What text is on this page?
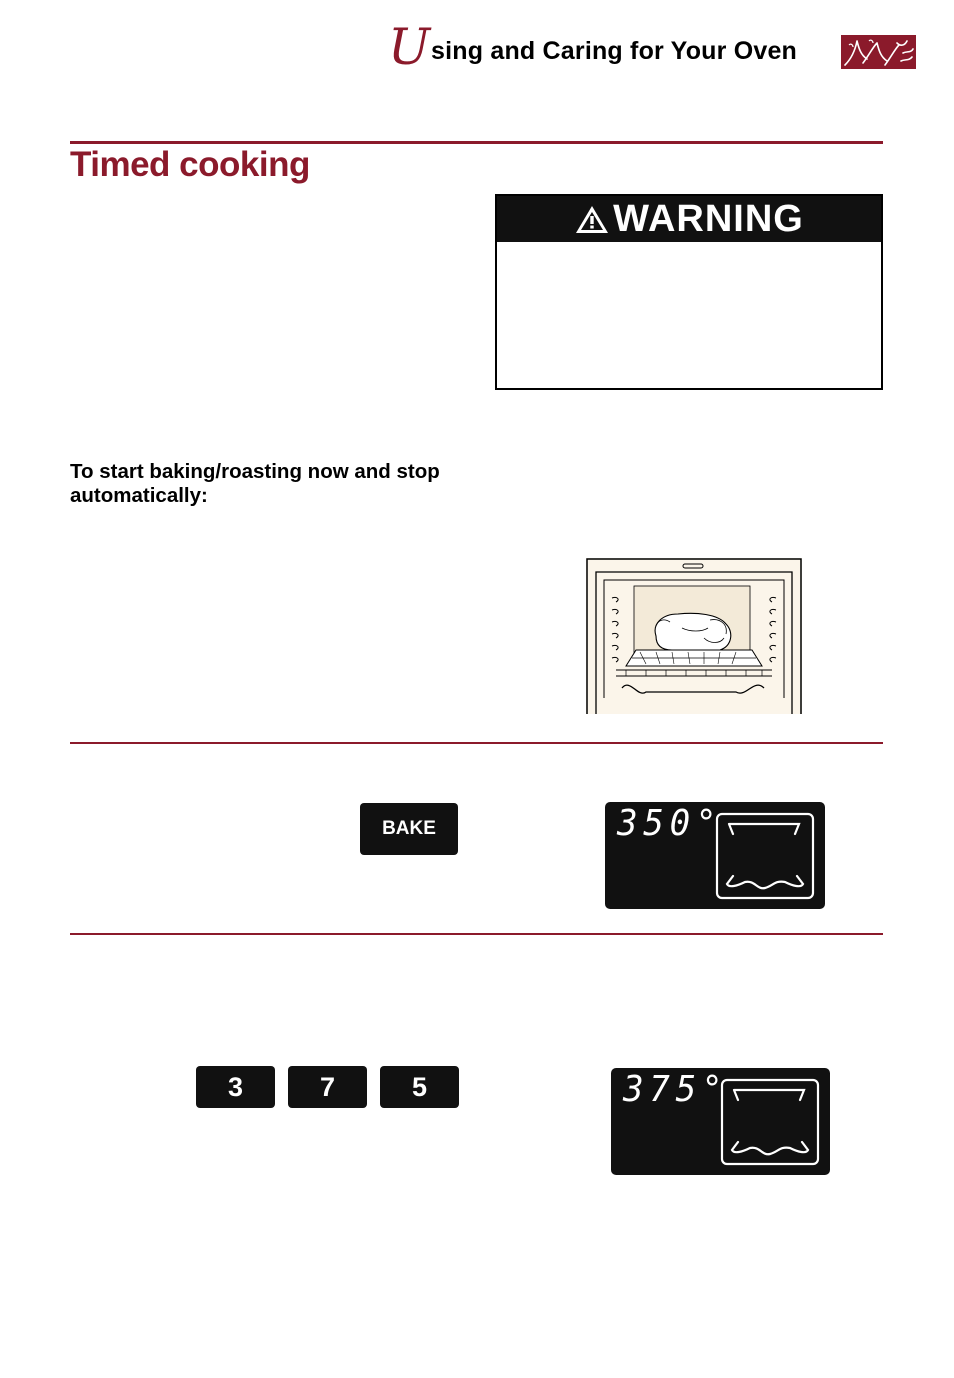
U sing and Caring for Your Oven
Timed cooking
WARNING
To start baking/roasting now and stop automatically:
BAKE	350°
3	7	5	375°
